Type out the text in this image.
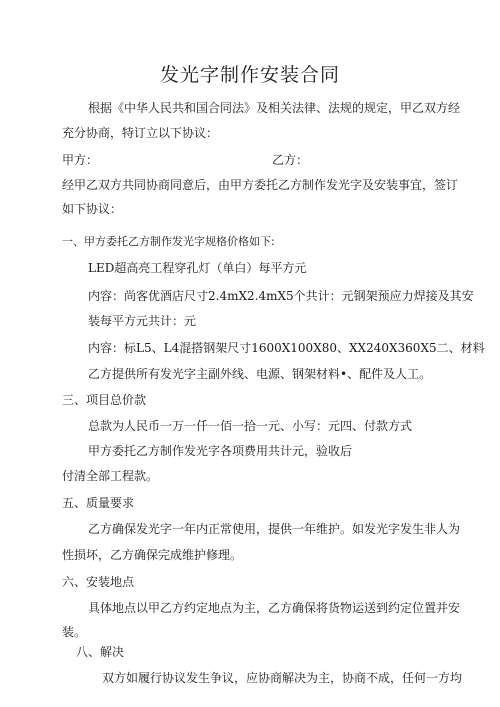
发光字制作安装合同
根据《中华人民共和国合同法》及相关法律、法规的规定，甲乙双方经
充分协商，特订立以下协议：
甲方：	乙方：
经甲乙双方共同协商同意后，由甲方委托乙方制作发光字及安装事宜，签订
如下协议：
一、甲方委托乙方制作发光字规格价格如下:
LED超高亮工程穿孔灯（单白）每平方元
内容：尚客优酒店尺寸2.4mX2.4mX5个共计：元钢架预应力焊接及其安
装每平方元共计：元
内容：标L5、L4混搭钢架尺寸1600X100X80、XX240X360X5二、材料
乙方提供所有发光字主副外线、电源、钢架材料•、配件及人工。
三、项目总价款
总款为人民币一万一仟一佰一拾一元、小写：元四、付款方式
甲方委托乙方制作发光字各项费用共计元，验收后
付清全部工程款。
五、质量要求
乙方确保发光字一年内正常使用，提供一年维护。如发光字发生非人为
性损坏，乙方确保完成维护修理。
六、安装地点
具体地点以甲乙方约定地点为主，乙方确保将货物运送到约定位置并安
装。
八、解决
双方如履行协议发生争议，应协商解决为主，协商不成，任何一方均
